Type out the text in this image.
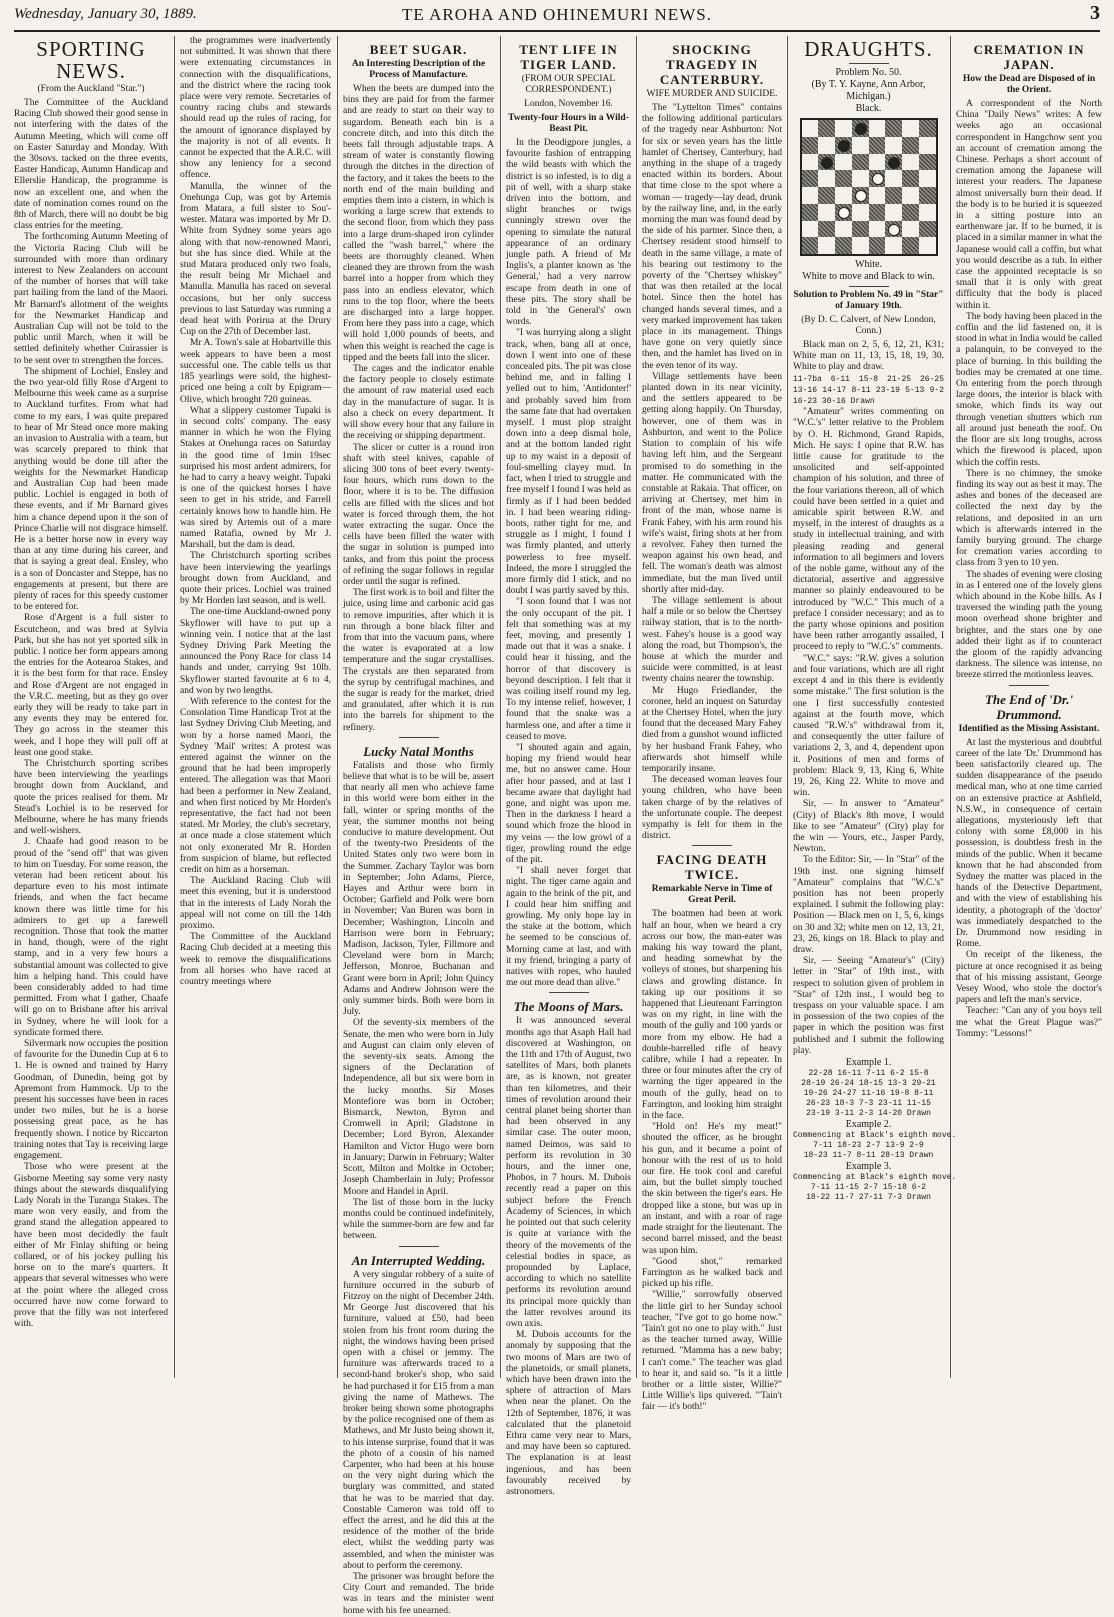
Wednesday, January 30, 1889.	TE AROHA AND OHINEMURI NEWS.	3
SPORTING NEWS.
(From the Auckland "Star.")

The Committee of the Auckland Racing Club showed their good sense in not interfering with the dates of the Autumn Meeting, which will come off on Easter Saturday and Monday. With the 30sovs. tacked on the three events, Easter Handicap, Autumn Handicap and Ellerslie Handicap, the programme is now an excellent one, and when the date of nomination comes round on the 8th of March, there will no doubt be big class entries for the meeting.

The forthcoming Autumn Meeting of the Victoria Racing Club will be surrounded with more than ordinary interest to New Zealanders on account of the number of horses that will take part hailing from the land of the Maori. Mr Barnard's allotment of the weights for the Newmarket Handicap and Australian Cup will not be told to the public until March, when it will be settled definitely whether Cuirassier is to be sent over to strengthen the forces.

The shipment of Lochiel, Ensley and the two year-old filly Rose d'Argent to Melbourne this week came as a surprise to Auckland turfites. From what had come to my ears, I was quite prepared to hear of Mr Stead once more making an invasion to Australia with a team, but was scarcely prepared to think that anything would be done till after the weights for the Newmarket Handicap and Australian Cup had been made public. Lochiel is engaged in both of these events, and if Mr Barnard gives him a chance depend upon it the son of Prince Charlie will not disgrace himself. He is a better horse now in every way than at any time during his career, and that is saying a great deal. Ensley, who is a son of Doncaster and Steppe, has no engagements at present, but there are plenty of races for this speedy customer to be entered for.

Rose d'Argent is a full sister to Escutcheon, and was bred at Sylvia Park, but she has not yet sported silk in public. I notice her form appears among the entries for the Aotearoa Stakes, and it is the best form for that race. Ensley and Rose d'Argent are not engaged in the V.R.C. meeting, but as they go over early they will be ready to take part in any events they may be entered for. They go across in the steamer this week, and I hope they will pull off at least one good stake.

The Christchurch sporting scribes have been interviewing the yearlings brought down from Auckland, and quote the prices realised for them. Mr Stead's Lochiel is to be reserved for Melbourne, where he has many friends and well-wishers.

J. Chaafe had good reason to be proud of the "send off" that was given to him on Tuesday. For some reason, the veteran had been reticent about his departure even to his most intimate friends, and when the fact became known there was little time for his admirers to get up a farewell recognition. Those that took the matter in hand, though, were of the right stamp, and in a very few hours a substantial amount was collected to give him a helping hand. This could have been considerably added to had time permitted. From what I gather, Chaafe will go on to Brisbane after his arrival in Sydney, where he will look for a syndicate formed there.

Silvermark now occupies the position of favourite for the Dunedin Cup at 6 to 1. He is owned and trained by Harry Goodman, of Dunedin, being got by Apremont from Hammock. Up to the present his successes have been in races under two miles, but he is a horse possessing great pace, as he has frequently shown. I notice by Riccarton training notes that Tay is receiving large engagement.

Those who were present at the Gisborne Meeting say some very nasty things about the stewards disqualifying Lady Norah in the Turanga Stakes. The mare won very easily, and from the grand stand the allegation appeared to have been most decidedly the fault either of Mr Finlay shifting or being collared, or of his jockey pulling his horse on to the mare's quarters. It appears that several witnesses who were at the point where the alleged cross occurred have now come forward to prove that the filly was not interfered with.

the programmes were inadvertently not submitted. It was shown that there were extenuating circumstances in connection with the disqualifications, and the district where the racing took place were very remote. Secretaries of country racing clubs and stewards should read up the rules of racing, for the amount of ignorance displayed by the majority is not of all events. It cannot be expected that the A.R.C. will show any leniency for a second offence.

Manulla, the winner of the Onehunga Cup, was got by Artemis from Matara, a full sister to Sou'-wester. Matara was imported by Mr D. White from Sydney some years ago along with that now-renowned Maori, but she has since died. While at the stud Matara produced only two foals, the result being Mr Michael and Manulla. Manulla has raced on several occasions, but her only success previous to last Saturday was running a dead heat with Porirua at the Drury Cup on the 27th of December last.

Mr A. Town's sale at Hobartville this week appears to have been a most successful one. The cable tells us that 185 yearlings were sold, the highest-priced one being a colt by Epigram—Olive, which brought 720 guineas.

What a slippery customer Tupaki is in second colts' company. The easy manner in which he won the Flying Stakes at Onehunga races on Saturday in the good time of 1min 19sec surprised his most ardent admirers, for he had to carry a heavy weight. Tupaki is one of the quickest horses I have seen to get in his stride, and Farrell certainly knows how to handle him. He was sired by Artemis out of a mare named Ratafia, owned by Mr J. Marshall, but the dam is dead.

The Christchurch sporting scribes have been interviewing the yearlings brought down from Auckland, and quote their prices. Lochiel was trained by Mr Horden last season, and is well.

The one-time Auckland-owned pony Skyflower will have to put up a winning vein. I notice that at the last Sydney Driving Park Meeting the announced the Pony Race for class 14 hands and under, carrying 9st 10lb. Skyflower started favourite at 6 to 4, and won by two lengths.

With reference to the contest for the Consolation Time Handicap Trot at the last Sydney Driving Club Meeting, and won by a horse named Maori, the Sydney 'Mail' writes: A protest was entered against the winner on the ground that he had been improperly entered. The allegation was that Maori had been a performer in New Zealand, and when first noticed by Mr Horden's representative, the fact had not been stated. Mr Morley, the club's secretary, at once made a close statement which not only exonerated Mr R. Horden from suspicion of blame, but reflected credit on him as a horseman.

The Auckland Racing Club will meet this evening, but it is understood that in the interests of Lady Norah the appeal will not come on till the 14th proximo.

The Committee of the Auckland Racing Club decided at a meeting this week to remove the disqualifications from all horses who have raced at country meetings where

BEET SUGAR.
An Interesting Description of the Process of Manufacture.

When the beets are dumped into the bins they are paid for from the farmer and are ready to start on their way to sugardom. Beneath each bin is a concrete ditch, and into this ditch the beets fall through adjustable traps. A stream of water is constantly flowing through the ditches in the direction of the factory, and it takes the beets to the north end of the main building and empties them into a cistern, in which is working a large screw that extends to the second floor, from which they pass into a large drum-shaped iron cylinder called the "wash barrel," where the beets are thoroughly cleaned. When cleaned they are thrown from the wash barrel into a hopper from which they pass into an endless elevator, which runs to the top floor, where the beets are discharged into a large hopper. From here they pass into a cage, which will hold 1,000 pounds of beets, and when this weight is reached the cage is tipped and the beets fall into the slicer.

The cages and the indicator enable the factory people to closely estimate the amount of raw material used each day in the manufacture of sugar. It is also a check on every department. It will show every hour that any failure in the receiving or shipping department.

The slicer or cutter is a round iron shaft with steel knives, capable of slicing 300 tons of beet every twenty-four hours, which runs down to the floor, where it is to be. The diffusion cells are filled with the slices and hot water is forced through them, the hot water extracting the sugar. Once the cells have been filled the water with the sugar in solution is pumped into tanks, and from this point the process of refining the sugar follows in regular order until the sugar is refined.

The first work is to boil and filter the juice, using lime and carbonic acid gas to remove impurities, after which it is run through a bone black filter and from that into the vacuum pans, where the water is evaporated at a low temperature and the sugar crystallises. The crystals are then separated from the syrup by centrifugal machines, and the sugar is ready for the market, dried and granulated, after which it is run into the barrels for shipment to the refinery.

Lucky Natal Months

Fatalists and those who firmly believe that what is to be will be, assert that nearly all men who achieve fame in this world were born either in the fall, winter or spring months of the year, the summer months not being conducive to mature development. Out of the twenty-two Presidents of the United States only two were born in the Summer. Zachary Taylor was born in September; John Adams, Pierce, Hayes and Arthur were born in October; Garfield and Polk were born in November; Van Buren was born in December; Washington, Lincoln and Harrison were born in February; Madison, Jackson, Tyler, Fillmore and Cleveland were born in March; Jefferson, Monroe, Buchanan and Grant were born in April; John Quincy Adams and Andrew Johnson were the only summer birds. Both were born in July.

Of the seventy-six members of the Senate, the men who were born in July and August can claim only eleven of the seventy-six seats. Among the signers of the Declaration of Independence, all but six were born in the lucky months. Sir Moses Montefiore was born in October; Bismarck, Newton, Byron and Cromwell in April; Gladstone in December; Lord Byron, Alexander Hamilton and Victor Hugo were born in January; Darwin in February; Walter Scott, Milton and Moltke in October; Joseph Chamberlain in July; Professor Moore and Handel in April.

The list of those born in the lucky months could be continued indefinitely, while the summer-born are few and far between.

An Interrupted Wedding.

A very singular robbery of a suite of furniture occurred in the suburb of Fitzroy on the night of December 24th. Mr George Just discovered that his furniture, valued at £50, had been stolen from his front room during the night, the windows having been prised open with a chisel or jemmy. The furniture was afterwards traced to a second-hand broker's shop, who said he had purchased it for £15 from a man giving the name of Mathews. The broker being shown some photographs by the police recognised one of them as Mathews, and Mr Justo being shown it, to his intense surprise, found that it was the photo of a cousin of his named Carpenter, who had been at his house on the very night during which the burglary was committed, and stated that he was to be married that day. Constable Cameron was told off to effect the arrest, and he did this at the residence of the mother of the bride elect, whilst the wedding party was assembled, and when the minister was about to perform the ceremony.

The prisoner was brought before the City Court and remanded. The bride was in tears and the minister went home with his fee unearned.

TENT LIFE IN TIGER LAND.
(FROM OUR SPECIAL CORRESPONDENT.)
London, November 16.
Twenty-four Hours in a Wild-Beast Pit.

In the Deodigpore jungles, a favourite fashion of entrapping the wild beasts with which the district is so infested, is to dig a pit of well, with a sharp stake driven into the bottom, and slight branches or twigs cunningly strewn over the opening to simulate the natural appearance of an ordinary jungle path. A friend of Mr Inglis's, a planter known as 'the General,' had a very narrow escape from death in one of these pits. The story shall be told in 'the General's' own words.

"I was hurrying along a slight track, when, bang all at once, down I went into one of these concealed pits. The pit was close behind me, and in falling I yelled out to him, 'Antidonter!' and probably saved him from the same fate that had overtaken myself. I must plop straight down into a deep dismal hole, and at the bottom landed right up to my waist in a deposit of foul-smelling clayey mud. In fact, when I tried to struggle and free myself I found I was held as firmly as if I had been bedded in. I had been wearing riding-boots, rather tight for me, and struggle as I might, I found I was firmly planted, and utterly powerless to free myself. Indeed, the more I struggled the more firmly did I stick, and no doubt I was partly saved by this.

"I soon found that I was not the only occupant of the pit. I felt that something was at my feet, moving, and presently I made out that it was a snake. I could hear it hissing, and the horror of that discovery is beyond description. I felt that it was coiling itself round my leg. To my intense relief, however, I found that the snake was a harmless one, and after a time it ceased to move.

"I shouted again and again, hoping my friend would hear me, but no answer came. Hour after hour passed, and at last I became aware that daylight had gone, and night was upon me. Then in the darkness I heard a sound which froze the blood in my veins — the low growl of a tiger, prowling round the edge of the pit.

"I shall never forget that night. The tiger came again and again to the brink of the pit, and I could hear him sniffing and growling. My only hope lay in the stake at the bottom, which he seemed to be conscious of. Morning came at last, and with it my friend, bringing a party of natives with ropes, who hauled me out more dead than alive."

The Moons of Mars.

It was announced several months ago that Asaph Hall had discovered at Washington, on the 11th and 17th of August, two satellites of Mars, both planets are, as is known, not greater than ten kilometres, and their times of revolution around their central planet being shorter than had been observed in any similar case. The outer moon, named Deimos, was said to perform its revolution in 30 hours, and the inner one, Phobos, in 7 hours. M. Dubois recently read a paper on this subject before the French Academy of Sciences, in which he pointed out that such celerity is quite at variance with the theory of the movements of the celestial bodies in space, as propounded by Laplace, according to which no satellite performs its revolution around its principal more quickly than the latter revolves around its own axis.

M. Dubois accounts for the anomaly by supposing that the two moons of Mars are two of the planetoids, or small planets, which have been drawn into the sphere of attraction of Mars when near the planet. On the 12th of September, 1876, it was calculated that the planetoid Ethra came very near to Mars, and may have been so captured. The explanation is at least ingenious, and has been favourably received by astronomers.

SHOCKING TRAGEDY IN CANTERBURY.
WIFE MURDER AND SUICIDE.

The "Lyttelton Times" contains the following additional particulars of the tragedy near Ashburton: Not for six or seven years has the little hamlet of Chertsey, Canterbury, had anything in the shape of a tragedy enacted within its borders. About that time close to the spot where a woman — tragedy—lay dead, drunk by the railway line, and, in the early morning the man was found dead by the side of his partner. Since then, a Chertsey resident stood himself to death in the same village, a mate of his bearing out testimony to the poverty of the "Chertsey whiskey" that was then retailed at the local hotel. Since then the hotel has changed hands several times, and a very marked improvement has taken place in its management. Things have gone on very quietly since then, and the hamlet has lived on in the even tenor of its way.

Village settlements have been planted down in its near vicinity, and the settlers appeared to be getting along happily. On Thursday, however, one of them was in Ashburton, and went to the Police Station to complain of his wife having left him, and the Sergeant promised to do something in the matter. He communicated with the constable at Rakaia. That officer, on arriving at Chertsey, met him in front of the man, whose name is Frank Fahey, with his arm round his wife's waist, firing shots at her from a revolver. Fahey then turned the weapon against his own head, and fell. The woman's death was almost immediate, but the man lived until shortly after mid-day.

The village settlement is about half a mile or so below the Chertsey railway station, that is to the north-west. Fahey's house is a good way along the road, but Thompson's, the house at which the murder and suicide were committed, is at least twenty chains nearer the township.

Mr Hugo Friedlander, the coroner, held an inquest on Saturday at the Chertsey Hotel, when the jury found that the deceased Mary Fahey died from a gunshot wound inflicted by her husband Frank Fahey, who afterwards shot himself while temporarily insane.

The deceased woman leaves four young children, who have been taken charge of by the relatives of the unfortunate couple. The deepest sympathy is felt for them in the district.

FACING DEATH TWICE.
Remarkable Nerve in Time of Great Peril.

The boatmen had been at work half an hour, when we heard a cry across our bow, the man-eater was making his way toward the plant, and heading somewhat by the volleys of stones, but sharpening his claws and growling distance. In taking up our positions it so happened that Lieutenant Farrington was on my right, in line with the mouth of the gully and 100 yards or more from my elbow. He had a double-barrelled rifle of heavy calibre, while I had a repeater. In three or four minutes after the cry of warning the tiger appeared in the mouth of the gully, head on to Farrington, and looking him straight in the face.

"Hold on! He's my meat!" shouted the officer, as he brought his gun, and it became a point of honour with the rest of us to hold our fire. He took cool and careful aim, but the bullet simply touched the skin between the tiger's ears. He dropped like a stone, but was up in an instant, and with a roar of rage made straight for the lieutenant. The second barrel missed, and the beast was upon him.

"Good shot," remarked Farrington as he walked back and picked up his rifle.

"Willie," sorrowfully observed the little girl to her Sunday school teacher, "I've got to go home now." 'Tain't got no one to play with." Just as the teacher turned away, Willie returned. "Mamma has a new baby; I can't come." The teacher was glad to hear it, and said so. "Is it a little brother or a little sister, Willie?" Little Willie's lips quivered. "'Tain't fair — it's both!"

DRAUGHTS.
Problem No. 50.
(By T. Y. Kayne, Ann Arbor, Michigan.)
Black.
White.
White to move and Black to win.
Solution to Problem No. 49 in "Star" of January 19th.
(By D. C. Calvert, of New London, Conn.)

Black man on 2, 5, 6, 12, 21, K31; White man on 11, 13, 15, 18, 19, 30. White to play and draw.

11-7ba 6-11 15-8 21-25 26-25 13-16 14-17 8-11 23-19 5-13 9-2 16-23 30-16 Drawn

"Amateur" writes commenting on "W.C.'s" letter relative to the Problem by O. H. Richmond, Grand Rapids, Mich. He says: I opine that R.W. has little cause for gratitude to the unsolicited and self-appointed champion of his solution, and three of the four variations thereon, all of which could have been settled in a quiet and amicable spirit between R.W. and myself, in the interest of draughts as a study in intellectual training, and with pleasing reading and general information to all beginners and lovers of the noble game, without any of the dictatorial, assertive and aggressive manner so plainly endeavoured to be introduced by "W.C." This much of a preface I consider necessary; and as to the party whose opinions and position have been rather arrogantly assailed, I proceed to reply to "W.C.'s" comments.

"W.C." says: "R.W. gives a solution and four variations, which are all right except 4 and in this there is evidently some mistake." The first solution is the one I first successfully contested against at the fourth move, which caused "R.W.'s" withdrawal from it, and consequently the utter failure of variations 2, 3, and 4, dependent upon it. Positions of men and forms of problem: Black 9, 13, King 6, White 19, 26, King 22. White to move and win.

Sir, — In answer to "Amateur" (City) of Black's 8th move, I would like to see "Amateur" (City) play for the win — Yours, etc., Jasper Pardy, Newton.

To the Editor: Sir, — In "Star" of the 19th inst. one signing himself "Amateur" complains that "W.C.'s" position has not been properly explained. I submit the following play: Position — Black men on 1, 5, 6, kings on 30 and 32; white men on 12, 13, 21, 23, 26, kings on 18. Black to play and draw.

Sir, — Seeing "Amateur's" (City) letter in "Star" of 19th inst., with respect to solution given of problem in "Star" of 12th inst., I would beg to trespass on your valuable space. I am in possession of the two copies of the paper in which the position was first published and I submit the following play.

Example 1.
22-28 16-11 7-11 6-2 15-8
28-19 26-24 18-15 13-3 29-21
19-26 24-27 11-16 19-8 8-11
26-23 18-3 7-3 23-11 11-15
23-19 3-11 2-3 14-20 Drawn
Example 2.
Commencing at Black's eighth move.
7-11 18-23 2-7 13-9 2-9
18-23 11-7 8-11 28-13 Drawn
Example 3.
Commencing at Black's eighth move.
7-11 11-15 2-7 15-18 6-2
18-22 11-7 27-11 7-3 Drawn
CREMATION IN JAPAN.
How the Dead are Disposed of in the Orient.

A correspondent of the North China "Daily News" writes: A few weeks ago an occasional correspondent in Hangchow sent you an account of cremation among the Chinese. Perhaps a short account of cremation among the Japanese will interest your readers. The Japanese almost universally burn their dead. If the body is to be buried it is squeezed in a sitting posture into an earthenware jar. If to be burned, it is placed in a similar manner in what the Japanese would call a coffin, but what you would describe as a tub. In either case the appointed receptacle is so small that it is only with great difficulty that the body is placed within it.

The body having been placed in the coffin and the lid fastened on, it is stood in what in India would be called a palanquin, to be conveyed to the place of burning. In this building the bodies may be cremated at one time. On entering from the porch through large doors, the interior is black with smoke, which finds its way out through venetian shutters which run all around just beneath the roof. On the floor are six long troughs, across which the firewood is placed, upon which the coffin rests.

There is no chimney, the smoke finding its way out as best it may. The ashes and bones of the deceased are collected the next day by the relations, and deposited in an urn which is afterwards interred in the family burying ground. The charge for cremation varies according to class from 3 yen to 10 yen.

The shades of evening were closing in as I entered one of the lovely glens which abound in the Kobe hills. As I traversed the winding path the young moon overhead shone brighter and brighter, and the stars one by one added their light as if to counteract the gloom of the rapidly advancing darkness. The silence was intense, no breeze stirred the motionless leaves.

The End of 'Dr.' Drummond.
Identified as the Missing Assistant.

At last the mysterious and doubtful career of the late 'Dr.' Drummond has been satisfactorily cleared up. The sudden disappearance of the pseudo medical man, who at one time carried on an extensive practice at Ashfield, N.S.W., in consequence of certain allegations, mysteriously left that colony with some £8,000 in his possession, is doubtless fresh in the minds of the public. When it became known that he had absconded from Sydney the matter was placed in the hands of the Detective Department, and with the view of establishing his identity, a photograph of the 'doctor' was immediately despatched to the Dr. Drummond now residing in Rome.

On receipt of the likeness, the picture at once recognised it as being that of his missing assistant, George Vesey Wood, who stole the doctor's papers and left the man's service.

Teacher: "Can any of you boys tell me what the Great Plague was?" Tommy: "Lessons!"
